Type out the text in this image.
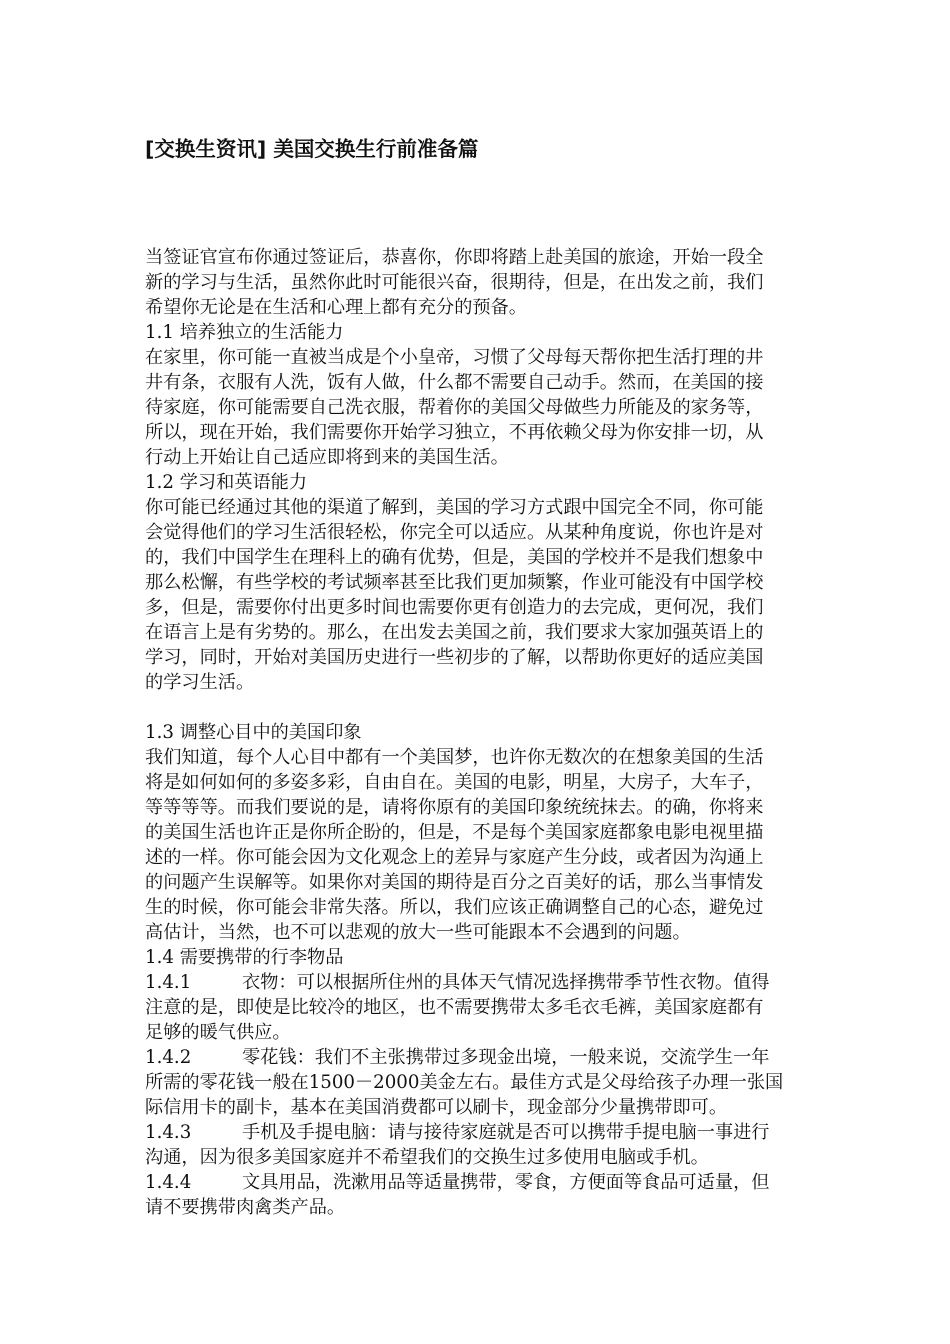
[交换生资讯] 美国交换生行前准备篇
当签证官宣布你通过签证后，恭喜你，你即将踏上赴美国的旅途，开始一段全
新的学习与生活，虽然你此时可能很兴奋，很期待，但是，在出发之前，我们
希望你无论是在生活和心理上都有充分的预备。
1.1 培养独立的生活能力
在家里，你可能一直被当成是个小皇帝，习惯了父母每天帮你把生活打理的井
井有条，衣服有人洗，饭有人做，什么都不需要自己动手。然而，在美国的接
待家庭，你可能需要自己洗衣服，帮着你的美国父母做些力所能及的家务等，
所以，现在开始，我们需要你开始学习独立，不再依赖父母为你安排一切，从
行动上开始让自己适应即将到来的美国生活。
1.2 学习和英语能力
你可能已经通过其他的渠道了解到，美国的学习方式跟中国完全不同，你可能
会觉得他们的学习生活很轻松，你完全可以适应。从某种角度说，你也许是对
的，我们中国学生在理科上的确有优势，但是，美国的学校并不是我们想象中
那么松懈，有些学校的考试频率甚至比我们更加频繁，作业可能没有中国学校
多，但是，需要你付出更多时间也需要你更有创造力的去完成，更何况，我们
在语言上是有劣势的。那么，在出发去美国之前，我们要求大家加强英语上的
学习，同时，开始对美国历史进行一些初步的了解，以帮助你更好的适应美国
的学习生活。
1.3 调整心目中的美国印象
我们知道，每个人心目中都有一个美国梦，也许你无数次的在想象美国的生活
将是如何如何的多姿多彩，自由自在。美国的电影，明星，大房子，大车子，
等等等等。而我们要说的是，请将你原有的美国印象统统抹去。的确，你将来
的美国生活也许正是你所企盼的，但是，不是每个美国家庭都象电影电视里描
述的一样。你可能会因为文化观念上的差异与家庭产生分歧，或者因为沟通上
的问题产生误解等。如果你对美国的期待是百分之百美好的话，那么当事情发
生的时候，你可能会非常失落。所以，我们应该正确调整自己的心态，避免过
高估计，当然，也不可以悲观的放大一些可能跟本不会遇到的问题。
1.4 需要携带的行李物品
1.4.1	衣物：可以根据所住州的具体天气情况选择携带季节性衣物。值得
注意的是，即使是比较冷的地区，也不需要携带太多毛衣毛裤，美国家庭都有
足够的暖气供应。
1.4.2	零花钱：我们不主张携带过多现金出境，一般来说，交流学生一年
所需的零花钱一般在1500－2000美金左右。最佳方式是父母给孩子办理一张国
际信用卡的副卡，基本在美国消费都可以刷卡，现金部分少量携带即可。
1.4.3	手机及手提电脑：请与接待家庭就是否可以携带手提电脑一事进行
沟通，因为很多美国家庭并不希望我们的交换生过多使用电脑或手机。
1.4.4	文具用品，洗漱用品等适量携带，零食，方便面等食品可适量，但
请不要携带肉禽类产品。
